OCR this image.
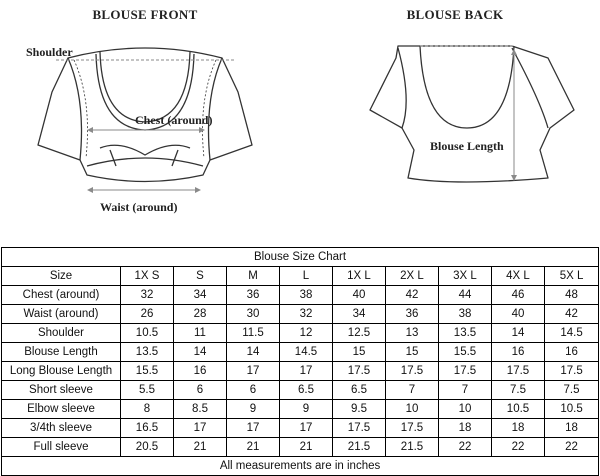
BLOUSE FRONT
Shoulder
Chest (around)
Waist (around)
BLOUSE BACK
Blouse Length
Blouse Size Chart									
Size	1X S	S	M	L	1X L	2X L	3X L	4X L	5X L
Chest (around)	32	34	36	38	40	42	44	46	48
Waist (around)	26	28	30	32	34	36	38	40	42
Shoulder	10.5	11	11.5	12	12.5	13	13.5	14	14.5
Blouse Length	13.5	14	14	14.5	15	15	15.5	16	16
Long Blouse Length	15.5	16	17	17	17.5	17.5	17.5	17.5	17.5
Short sleeve	5.5	6	6	6.5	6.5	7	7	7.5	7.5
Elbow sleeve	8	8.5	9	9	9.5	10	10	10.5	10.5
3/4th sleeve	16.5	17	17	17	17.5	17.5	18	18	18
Full sleeve	20.5	21	21	21	21.5	21.5	22	22	22
All measurements are in inches									
